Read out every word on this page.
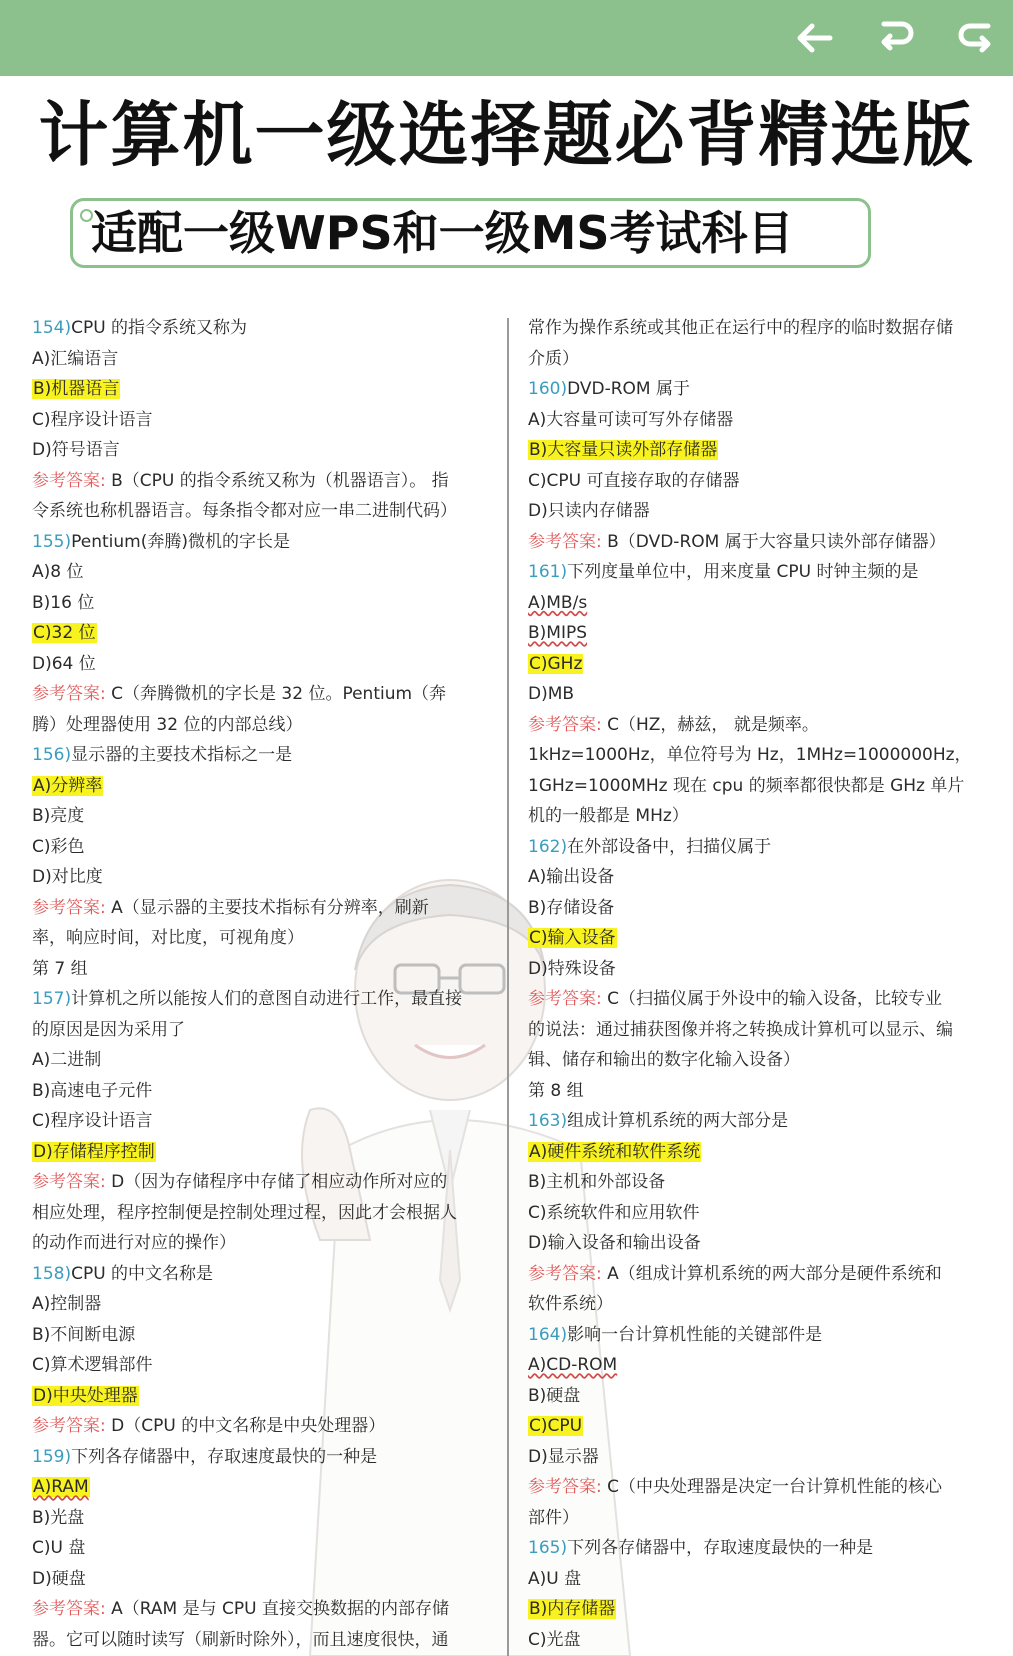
计算机一级选择题必背精选版
适配一级WPS和一级MS考试科目
154)CPU 的指令系统又称为
A)汇编语言
B)机器语言
C)程序设计语言
D)符号语言
参考答案: B（CPU 的指令系统又称为（机器语言）。 指
令系统也称机器语言。每条指令都对应一串二进制代码）
155)Pentium(奔腾)微机的字长是
A)8 位
B)16 位
C)32 位
D)64 位
参考答案: C（奔腾微机的字长是 32 位。Pentium（奔
腾）处理器使用 32 位的内部总线）
156)显示器的主要技术指标之一是
A)分辨率
B)亮度
C)彩色
D)对比度
参考答案: A（显示器的主要技术指标有分辨率，刷新
率，响应时间，对比度，可视角度）
第 7 组
157)计算机之所以能按人们的意图自动进行工作，最直接
的原因是因为采用了
A)二进制
B)高速电子元件
C)程序设计语言
D)存储程序控制
参考答案: D（因为存储程序中存储了相应动作所对应的
相应处理，程序控制便是控制处理过程，因此才会根据人
的动作而进行对应的操作）
158)CPU 的中文名称是
A)控制器
B)不间断电源
C)算术逻辑部件
D)中央处理器
参考答案: D（CPU 的中文名称是中央处理器）
159)下列各存储器中，存取速度最快的一种是
A)RAM
B)光盘
C)U 盘
D)硬盘
参考答案: A（RAM 是与 CPU 直接交换数据的内部存储
器。它可以随时读写（刷新时除外），而且速度很快，通
常作为操作系统或其他正在运行中的程序的临时数据存储
介质）
160)DVD-ROM 属于
A)大容量可读可写外存储器
B)大容量只读外部存储器
C)CPU 可直接存取的存储器
D)只读内存储器
参考答案: B（DVD-ROM 属于大容量只读外部存储器）
161)下列度量单位中，用来度量 CPU 时钟主频的是
A)MB/s
B)MIPS
C)GHz
D)MB
参考答案: C（HZ，赫兹， 就是频率。
1kHz=1000Hz，单位符号为 Hz，1MHz=1000000Hz，
1GHz=1000MHz 现在 cpu 的频率都很快都是 GHz 单片
机的一般都是 MHz）
162)在外部设备中，扫描仪属于
A)输出设备
B)存储设备
C)输入设备
D)特殊设备
参考答案: C（扫描仪属于外设中的输入设备，比较专业
的说法：通过捕获图像并将之转换成计算机可以显示、编
辑、储存和输出的数字化输入设备）
第 8 组
163)组成计算机系统的两大部分是
A)硬件系统和软件系统
B)主机和外部设备
C)系统软件和应用软件
D)输入设备和输出设备
参考答案: A（组成计算机系统的两大部分是硬件系统和
软件系统）
164)影响一台计算机性能的关键部件是
A)CD-ROM
B)硬盘
C)CPU
D)显示器
参考答案: C（中央处理器是决定一台计算机性能的核心
部件）
165)下列各存储器中，存取速度最快的一种是
A)U 盘
B)内存储器
C)光盘
